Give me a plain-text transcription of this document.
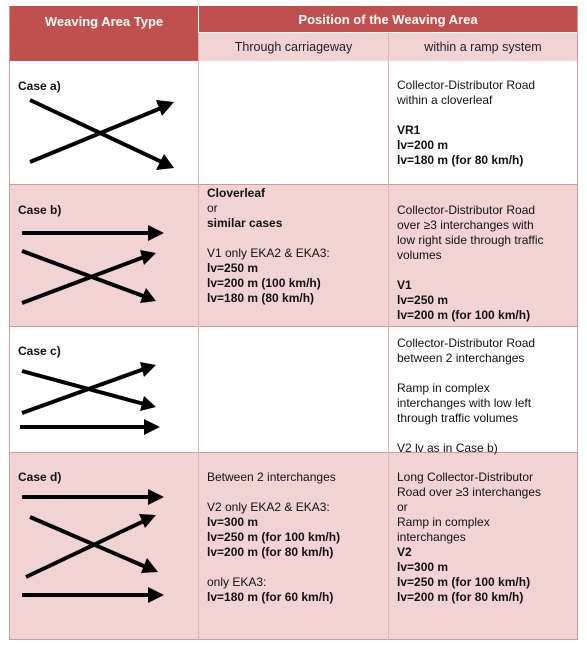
Weaving Area Type	Position of the Weaving Area
Through carriageway	within a ramp system
Case a)
Case b)
Case c)
Case d)
Collector-Distributor Road
within a cloverleaf

VR1
lv=200 m
lv=180 m (for 80 km/h)
Cloverleaf
or
similar cases

V1 only EKA2 & EKA3:
lv=250 m
lv=200 m (100 km/h)
lv=180 m (80 km/h)
Collector-Distributor Road
over ≥3 interchanges with
low right side through traffic
volumes

V1
lv=250 m
lv=200 m (for 100 km/h)
Collector-Distributor Road
between 2 interchanges

Ramp in complex
interchanges with low left
through traffic volumes

V2 lv as in Case b)
Between 2 interchanges

V2 only EKA2 & EKA3:
lv=300 m
lv=250 m (for 100 km/h)
lv=200 m (for 80 km/h)

only EKA3:
lv=180 m (for 60 km/h)
Long Collector-Distributor
Road over ≥3 interchanges
or
Ramp in complex
interchanges
V2
lv=300 m
lv=250 m (for 100 km/h)
lv=200 m (for 80 km/h)
